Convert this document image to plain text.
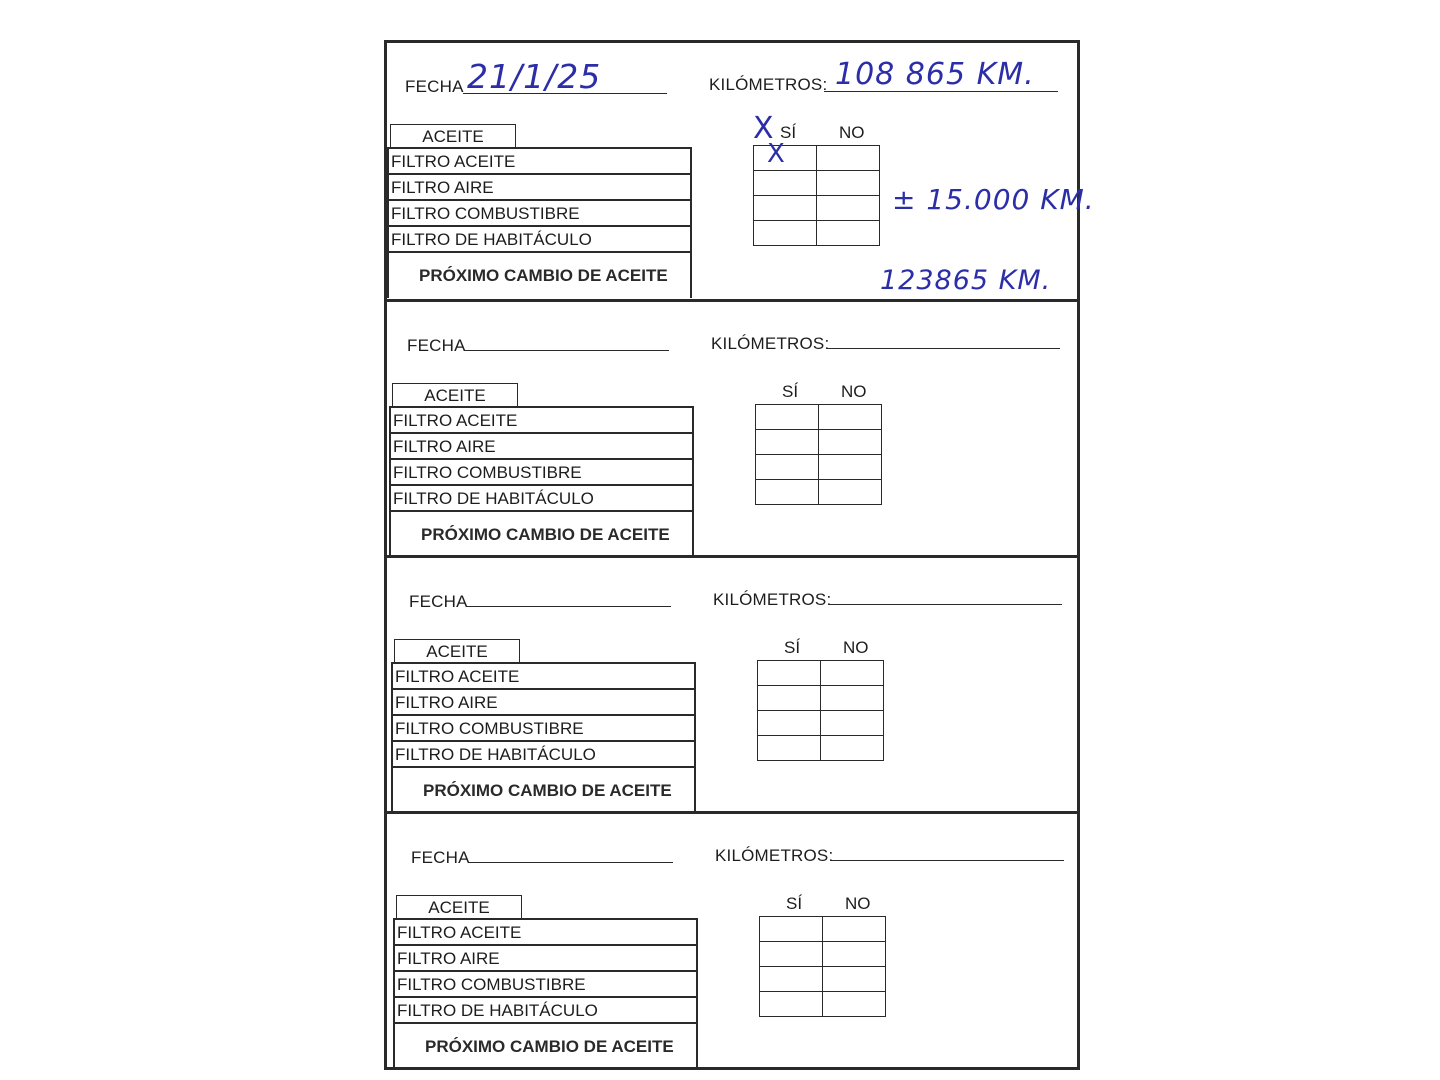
FECHA 21/1/25	KILÓMETROS: 108 865 KM.
ACEITE
FILTRO ACEITE
FILTRO AIRE
FILTRO COMBUSTIBRE
FILTRO DE HABITÁCULO
PRÓXIMO CAMBIO DE ACEITE
SÍ	NO

X
X
± 15.000 KM.
123865 KM.
FECHA	KILÓMETROS:
ACEITE
FILTRO ACEITE
FILTRO AIRE
FILTRO COMBUSTIBRE
FILTRO DE HABITÁCULO
PRÓXIMO CAMBIO DE ACEITE
SÍ	NO

FECHA	KILÓMETROS:
ACEITE
FILTRO ACEITE
FILTRO AIRE
FILTRO COMBUSTIBRE
FILTRO DE HABITÁCULO
PRÓXIMO CAMBIO DE ACEITE
SÍ	NO

FECHA	KILÓMETROS:
ACEITE
FILTRO ACEITE
FILTRO AIRE
FILTRO COMBUSTIBRE
FILTRO DE HABITÁCULO
PRÓXIMO CAMBIO DE ACEITE
SÍ	NO
